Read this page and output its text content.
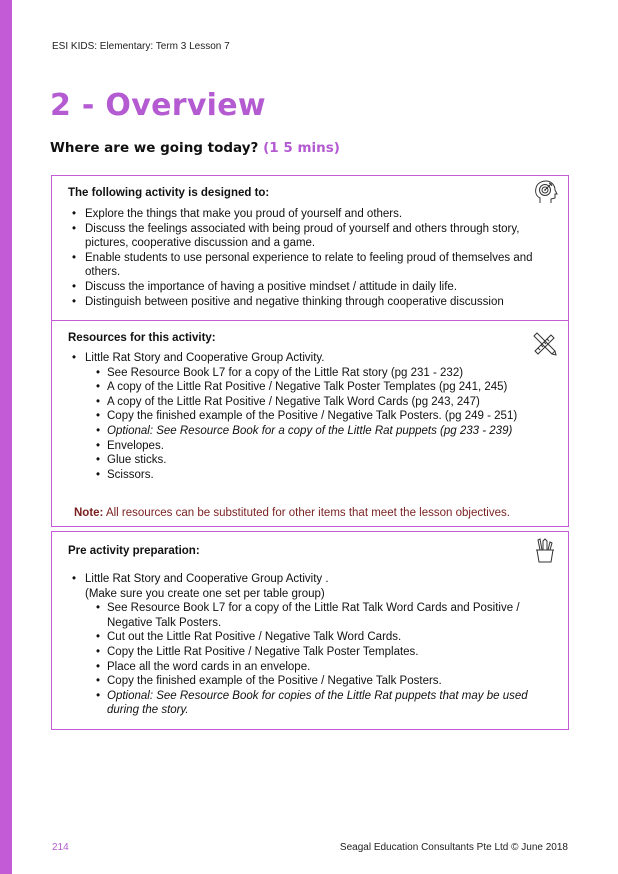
ESI KIDS: Elementary: Term 3 Lesson 7
2 - Overview
Where are we going today? (1 5 mins)
The following activity is designed to:
• Explore the things that make you proud of yourself and others.
• Discuss the feelings associated with being proud of yourself and others through story, pictures, cooperative discussion and a game.
• Enable students to use personal experience to relate to feeling proud of themselves and others.
• Discuss the importance of having a positive mindset / attitude in daily life.
• Distinguish between positive and negative thinking through cooperative discussion
Resources for this activity:
• Little Rat Story and Cooperative Group Activity.
• See Resource Book L7 for a copy of the Little Rat story (pg 231 - 232)
• A copy of the Little Rat Positive / Negative Talk Poster Templates (pg 241, 245)
• A copy of the Little Rat Positive / Negative Talk Word Cards (pg 243, 247)
• Copy the finished example of the Positive / Negative Talk Posters. (pg 249 - 251)
• Optional: See Resource Book for a copy of the Little Rat puppets (pg 233 - 239)
• Envelopes.
• Glue sticks.
• Scissors.
Note: All resources can be substituted for other items that meet the lesson objectives.
Pre activity preparation:
• Little Rat Story and Cooperative Group Activity .
(Make sure you create one set per table group)
• See Resource Book L7 for a copy of the Little Rat Talk Word Cards and Positive / Negative Talk Posters.
• Cut out the Little Rat Positive / Negative Talk Word Cards.
• Copy the Little Rat Positive / Negative Talk Poster Templates.
• Place all the word cards in an envelope.
• Copy the finished example of the Positive / Negative Talk Posters.
• Optional: See Resource Book for copies of the Little Rat puppets that may be used during the story.
214	Seagal Education Consultants Pte Ltd © June 2018
